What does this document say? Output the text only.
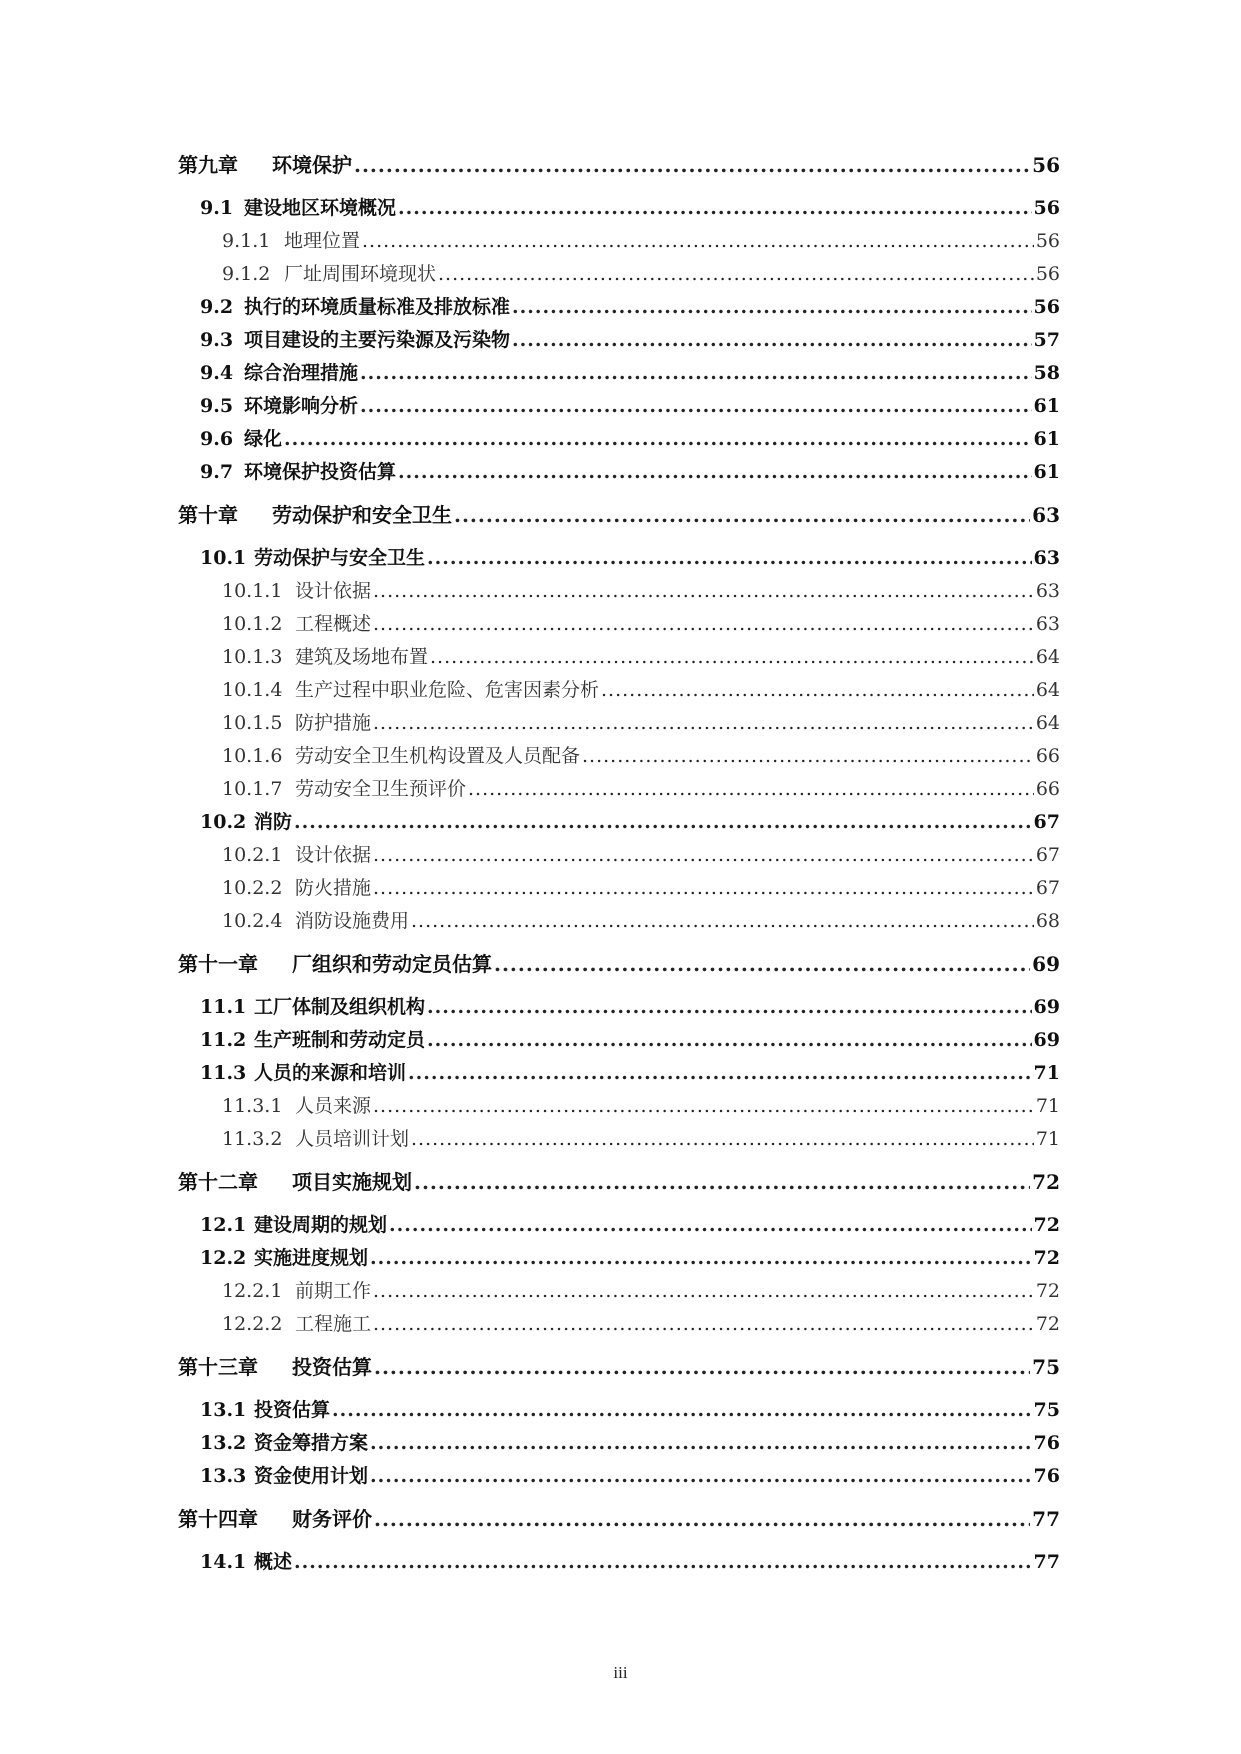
第九章	环境保护 .....	56
9.1 建设地区环境概况 .....	56
9.1.1 地理位置 .....	56
9.1.2 厂址周围环境现状 .....	56
9.2 执行的环境质量标准及排放标准 .....	56
9.3 项目建设的主要污染源及污染物 .....	57
9.4 综合治理措施 .....	58
9.5 环境影响分析 .....	61
9.6 绿化 .....	61
9.7 环境保护投资估算 .....	61
第十章	劳动保护和安全卫生 .....	63
10.1 劳动保护与安全卫生 .....	63
10.1.1 设计依据 .....	63
10.1.2 工程概述 .....	63
10.1.3 建筑及场地布置 .....	64
10.1.4 生产过程中职业危险、危害因素分析 .....	64
10.1.5 防护措施 .....	64
10.1.6 劳动安全卫生机构设置及人员配备 .....	66
10.1.7 劳动安全卫生预评价 .....	66
10.2 消防 .....	67
10.2.1 设计依据 .....	67
10.2.2 防火措施 .....	67
10.2.4 消防设施费用 .....	68
第十一章	厂组织和劳动定员估算 .....	69
11.1 工厂体制及组织机构 .....	69
11.2 生产班制和劳动定员 .....	69
11.3 人员的来源和培训 .....	71
11.3.1 人员来源 .....	71
11.3.2 人员培训计划 .....	71
第十二章	项目实施规划 .....	72
12.1 建设周期的规划 .....	72
12.2 实施进度规划 .....	72
12.2.1 前期工作 .....	72
12.2.2 工程施工 .....	72
第十三章	投资估算 .....	75
13.1 投资估算 .....	75
13.2 资金筹措方案 .....	76
13.3 资金使用计划 .....	76
第十四章	财务评价 .....	77
14.1 概述 .....	77
iii
